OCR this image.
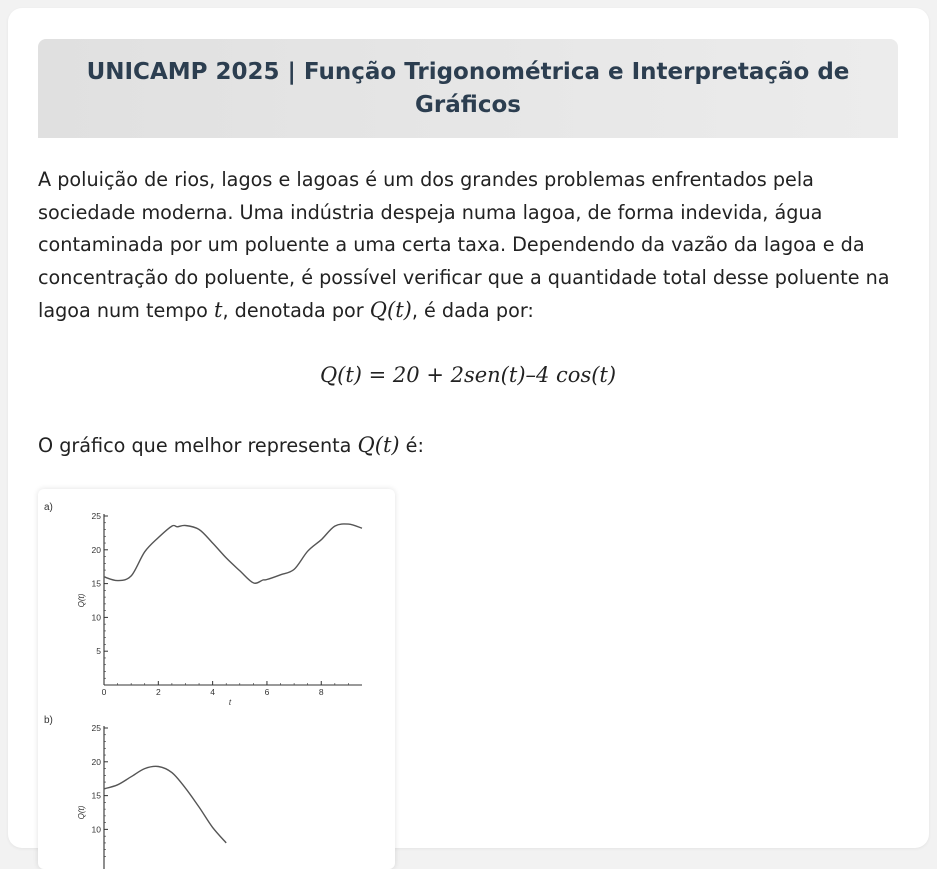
UNICAMP 2025 | Função Trigonométrica e Interpretação de Gráficos
A poluição de rios, lagos e lagoas é um dos grandes problemas enfrentados pela sociedade moderna. Uma indústria despeja numa lagoa, de forma indevida, água contaminada por um poluente a uma certa taxa. Dependendo da vazão da lagoa e da concentração do poluente, é possível verificar que a quantidade total desse poluente na lagoa num tempo t, denotada por Q(t), é dada por:
Q(t) = 20 + 2sen(t)–4 cos(t)
O gráfico que melhor representa Q(t) é:
a)
5
10
15
20
25
0	2	4	6	8
t
Q(t)
b)
10
15
20
25
Q(t)
